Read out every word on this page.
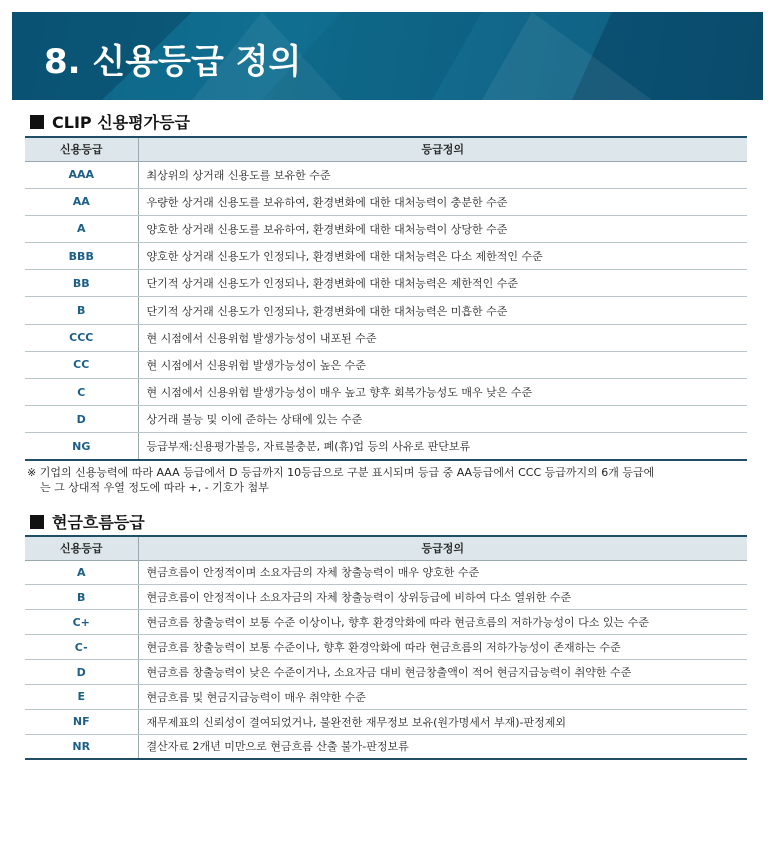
8. 신용등급 정의
CLIP 신용평가등급
신용등급	등급정의
AAA	최상위의 상거래 신용도를 보유한 수준
AA	우량한 상거래 신용도를 보유하여, 환경변화에 대한 대처능력이 충분한 수준
A	양호한 상거래 신용도를 보유하여, 환경변화에 대한 대처능력이 상당한 수준
BBB	양호한 상거래 신용도가 인정되나, 환경변화에 대한 대처능력은 다소 제한적인 수준
BB	단기적 상거래 신용도가 인정되나, 환경변화에 대한 대처능력은 제한적인 수준
B	단기적 상거래 신용도가 인정되나, 환경변화에 대한 대처능력은 미흡한 수준
CCC	현 시점에서 신용위험 발생가능성이 내포된 수준
CC	현 시점에서 신용위험 발생가능성이 높은 수준
C	현 시점에서 신용위험 발생가능성이 매우 높고 향후 회복가능성도 매우 낮은 수준
D	상거래 불능 및 이에 준하는 상태에 있는 수준
NG	등급부재:신용평가불응, 자료불충분, 폐(휴)업 등의 사유로 판단보류
※ 기업의 신용능력에 따라 AAA 등급에서 D 등급까지 10등급으로 구분 표시되며 등급 중 AA등급에서 CCC 등급까지의 6개 등급에
는 그 상대적 우열 정도에 따라 +, - 기호가 첨부
현금흐름등급
신용등급	등급정의
A	현금흐름이 안정적이며 소요자금의 자체 창출능력이 매우 양호한 수준
B	현금흐름이 안정적이나 소요자금의 자체 창출능력이 상위등급에 비하여 다소 열위한 수준
C+	현금흐름 창출능력이 보통 수준 이상이나, 향후 환경악화에 따라 현금흐름의 저하가능성이 다소 있는 수준
C-	현금흐름 창출능력이 보통 수준이나, 향후 환경악화에 따라 현금흐름의 저하가능성이 존재하는 수준
D	현금흐름 창출능력이 낮은 수준이거나, 소요자금 대비 현금창출액이 적어 현금지급능력이 취약한 수준
E	현금흐름 및 현금지급능력이 매우 취약한 수준
NF	재무제표의 신뢰성이 결여되었거나, 불완전한 재무정보 보유(원가명세서 부재)-판정제외
NR	결산자료 2개년 미만으로 현금흐름 산출 불가-판정보류
